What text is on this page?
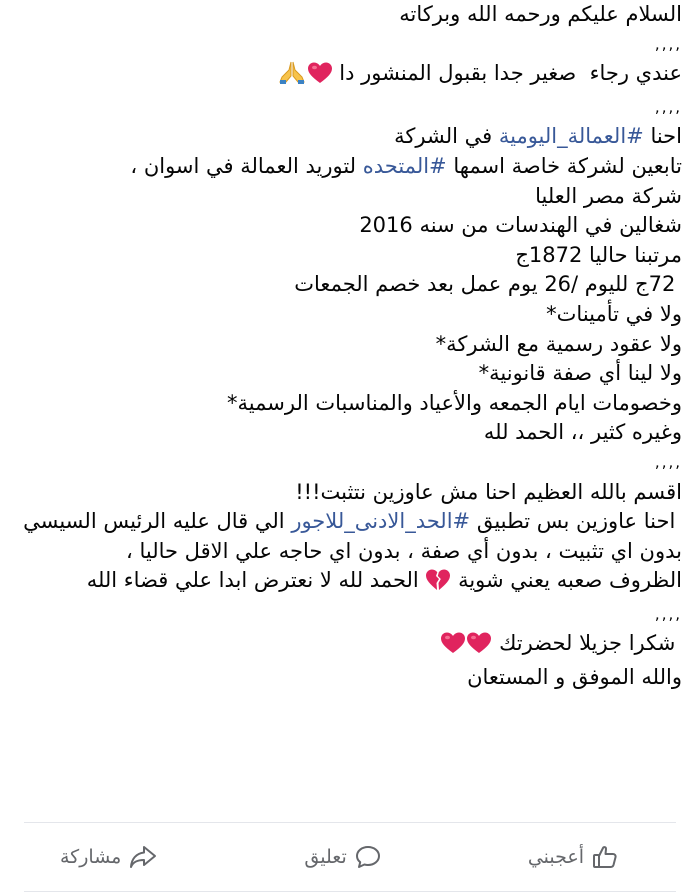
السلام عليكم ورحمه الله وبركاته

,,,,

عندي رجاء  صغير جدا بقبول المنشور دا

,,,,

احنا #العمالة_اليومية في الشركة

تابعين لشركة خاصة اسمها #المتحده لتوريد العمالة في اسوان ،

شركة مصر العليا

شغالين في الهندسات من سنه 2016

مرتبنا حاليا 1872ج

72ج لليوم /26 يوم عمل بعد خصم الجمعات

ولا في تأمينات*

ولا عقود رسمية مع الشركة*

ولا لينا أي صفة قانونية*

وخصومات ايام الجمعه والأعياد والمناسبات الرسمية*

وغيره كثير ،، الحمد لله

,,,,

اقسم بالله العظيم احنا مش عاوزين نتثبت!!!

احنا عاوزين بس تطبيق #الحد_الادنى_للاجور الي قال عليه الرئيس السيسي

بدون اي تثبيت ، بدون أي صفة ، بدون اي حاجه علي الاقل حاليا ،

الظروف صعبه يعني شوية  الحمد لله لا نعترض ابدا علي قضاء الله

,,,,

شكرا جزيلا لحضرتك

والله الموفق و المستعان

أعجبني
تعليق
مشاركة
